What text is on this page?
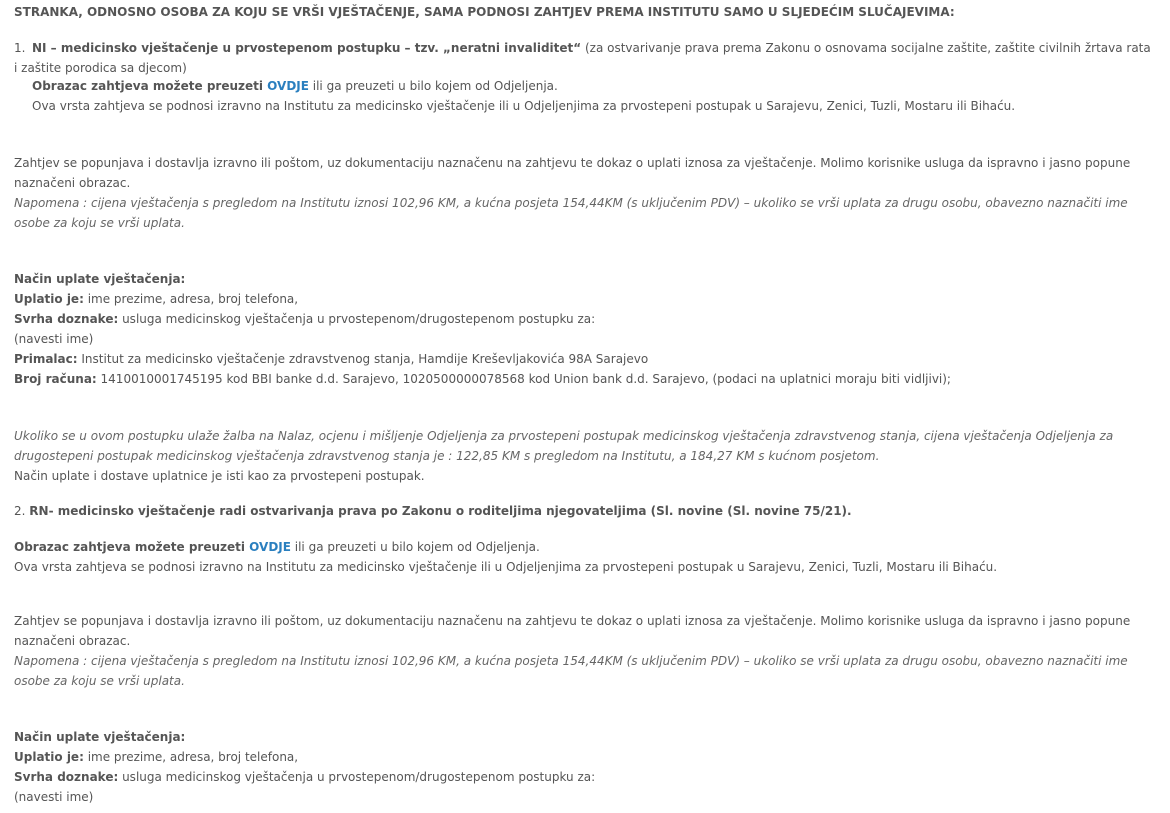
STRANKA, ODNOSNO OSOBA ZA KOJU SE VRŠI VJEŠTAČENJE, SAMA PODNOSI ZAHTJEV PREMA INSTITUTU SAMO U SLJEDEĆIM SLUČAJEVIMA:

1. NI – medicinsko vještačenje u prvostepenom postupku – tzv. „neratni invaliditet“ (za ostvarivanje prava prema Zakonu o osnovama socijalne zaštite, zaštite civilnih žrtava rata i zaštite porodica sa djecom)

Obrazac zahtjeva možete preuzeti OVDJE ili ga preuzeti u bilo kojem od Odjeljenja.

Ova vrsta zahtjeva se podnosi izravno na Institutu za medicinsko vještačenje ili u Odjeljenjima za prvostepeni postupak u Sarajevu, Zenici, Tuzli, Mostaru ili Bihaću.

Zahtjev se popunjava i dostavlja izravno ili poštom, uz dokumentaciju naznačenu na zahtjevu te dokaz o uplati iznosa za vještačenje. Molimo korisnike usluga da ispravno i jasno popune naznačeni obrazac.

Napomena : cijena vještačenja s pregledom na Institutu iznosi 102,96 KM, a kućna posjeta 154,44KM (s uključenim PDV) – ukoliko se vrši uplata za drugu osobu, obavezno naznačiti ime osobe za koju se vrši uplata.

Način uplate vještačenja:

Uplatio je: ime prezime, adresa, broj telefona,

Svrha doznake: usluga medicinskog vještačenja u prvostepenom/drugostepenom postupku za:

(navesti ime)

Primalac: Institut za medicinsko vještačenje zdravstvenog stanja, Hamdije Kreševljakovića 98A Sarajevo

Broj računa: 1410010001745195 kod BBI banke d.d. Sarajevo, 1020500000078568 kod Union bank d.d. Sarajevo, (podaci na uplatnici moraju biti vidljivi);

Ukoliko se u ovom postupku ulaže žalba na Nalaz, ocjenu i mišljenje Odjeljenja za prvostepeni postupak medicinskog vještačenja zdravstvenog stanja, cijena vještačenja Odjeljenja za drugostepeni postupak medicinskog vještačenja zdravstvenog stanja je : 122,85 KM s pregledom na Institutu, a 184,27 KM s kućnom posjetom.

Način uplate i dostave uplatnice je isti kao za prvostepeni postupak.

2. RN- medicinsko vještačenje radi ostvarivanja prava po Zakonu o roditeljima njegovateljima (Sl. novine (Sl. novine 75/21).

Obrazac zahtjeva možete preuzeti OVDJE ili ga preuzeti u bilo kojem od Odjeljenja.

Ova vrsta zahtjeva se podnosi izravno na Institutu za medicinsko vještačenje ili u Odjeljenjima za prvostepeni postupak u Sarajevu, Zenici, Tuzli, Mostaru ili Bihaću.

Zahtjev se popunjava i dostavlja izravno ili poštom, uz dokumentaciju naznačenu na zahtjevu te dokaz o uplati iznosa za vještačenje. Molimo korisnike usluga da ispravno i jasno popune naznačeni obrazac.

Napomena : cijena vještačenja s pregledom na Institutu iznosi 102,96 KM, a kućna posjeta 154,44KM (s uključenim PDV) – ukoliko se vrši uplata za drugu osobu, obavezno naznačiti ime osobe za koju se vrši uplata.

Način uplate vještačenja:

Uplatio je: ime prezime, adresa, broj telefona,

Svrha doznake: usluga medicinskog vještačenja u prvostepenom/drugostepenom postupku za:

(navesti ime)
